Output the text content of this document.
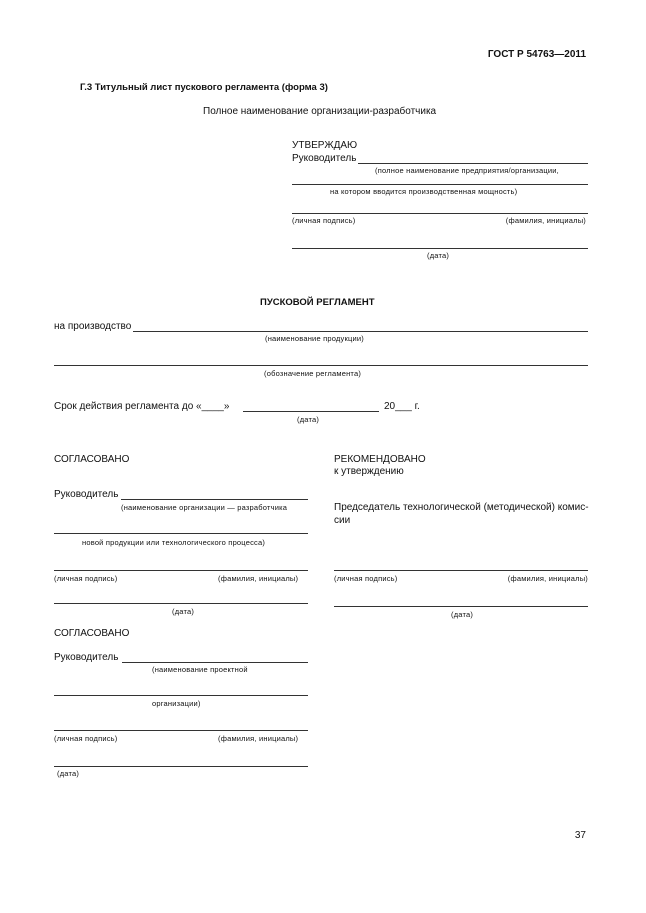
ГОСТ Р 54763—2011
Г.3 Титульный лист пускового регламента (форма 3)
Полное наименование организации-разработчика
УТВЕРЖДАЮ
Руководитель
(полное наименование предприятия/организации,
на котором вводится производственная мощность)
(личная подпись)	(фамилия, инициалы)
(дата)
ПУСКОВОЙ РЕГЛАМЕНТ
на производство
(наименование продукции)
(обозначение регламента)
Срок действия регламента до «____»	20___ г.
(дата)
СОГЛАСОВАНО
Руководитель
(наименование организации — разработчика
новой продукции или технологического процесса)
(личная подпись)	(фамилия, инициалы)
(дата)
РЕКОМЕНДОВАНО
к утверждению
Председатель технологической (методической) комис-
сии
(личная подпись)	(фамилия, инициалы)
(дата)
СОГЛАСОВАНО
Руководитель
(наименование проектной
организации)
(личная подпись)	(фамилия, инициалы)
(дата)
37
